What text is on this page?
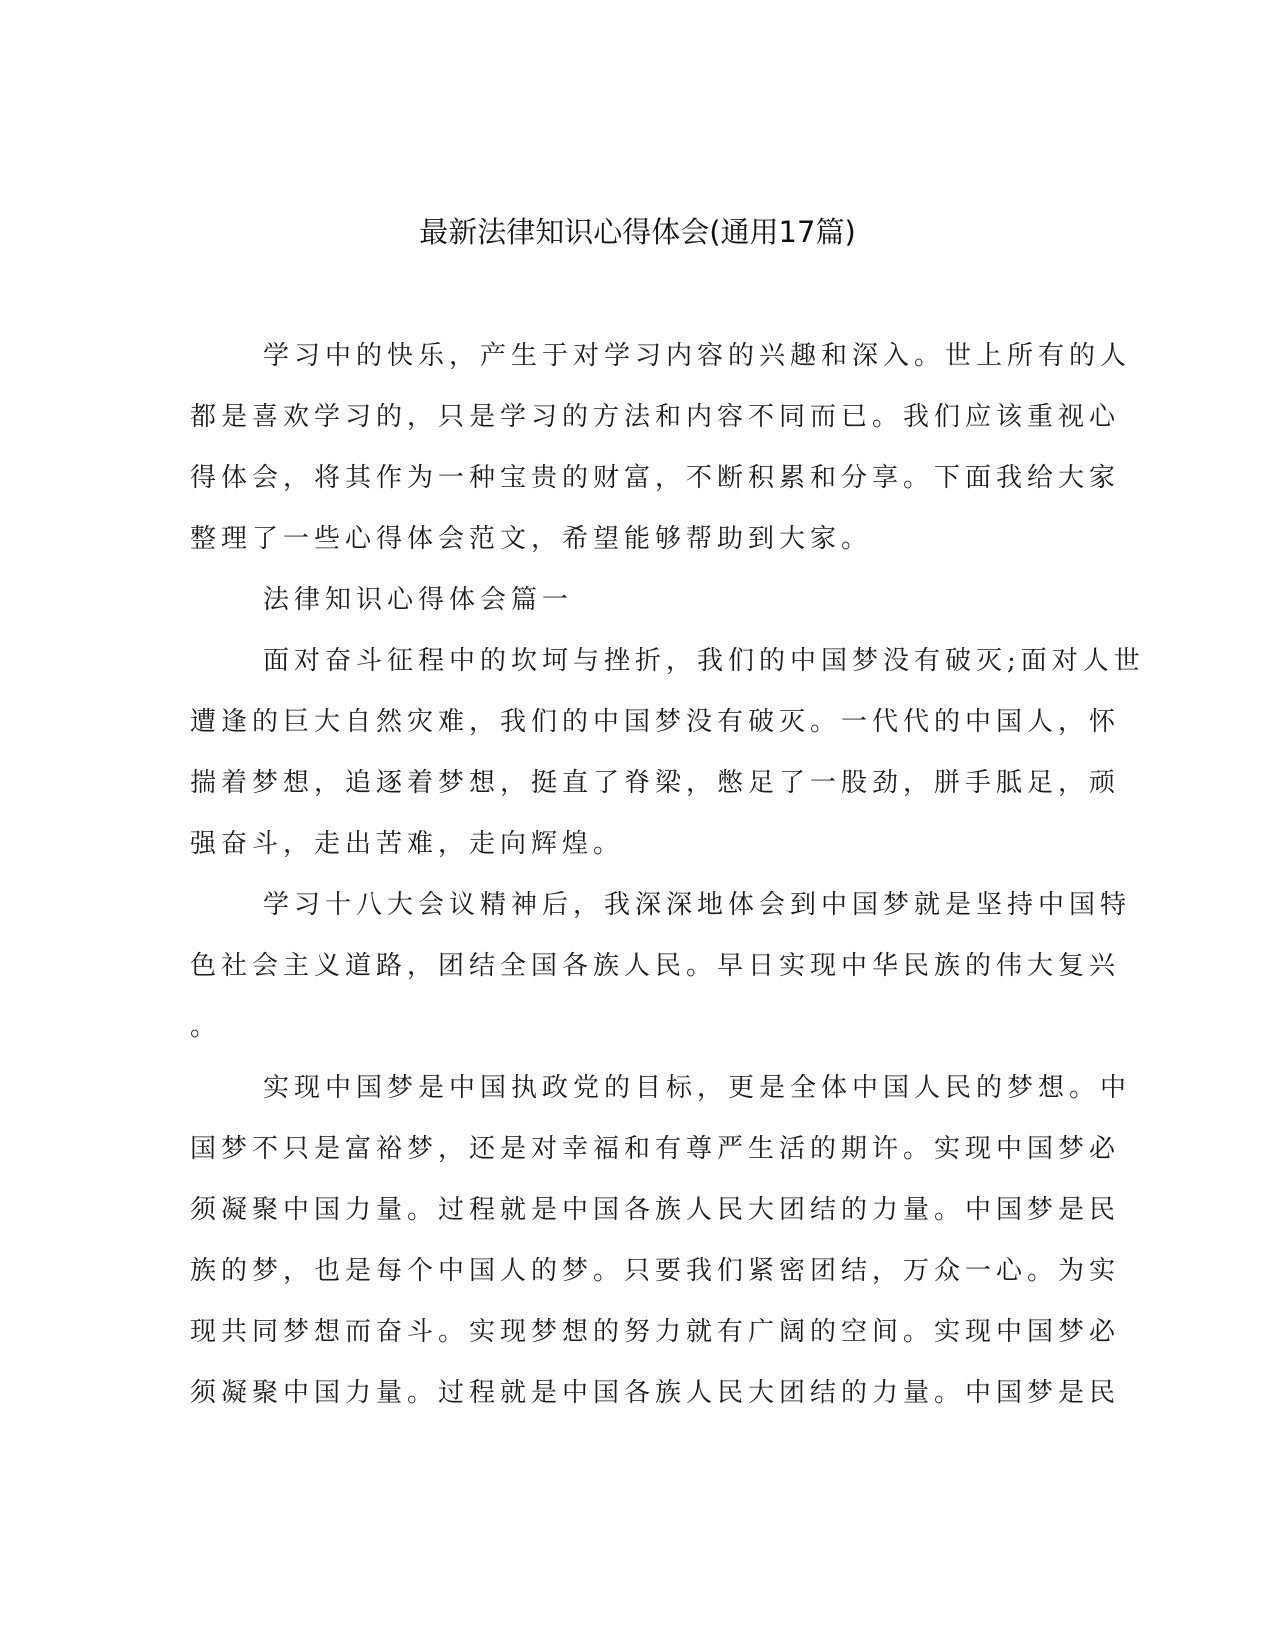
最新法律知识心得体会(通用17篇)

学习中的快乐，产生于对学习内容的兴趣和深入。世上所有的人
都是喜欢学习的，只是学习的方法和内容不同而已。我们应该重视心
得体会，将其作为一种宝贵的财富，不断积累和分享。下面我给大家
整理了一些心得体会范文，希望能够帮助到大家。

法律知识心得体会篇一

面对奋斗征程中的坎坷与挫折，我们的中国梦没有破灭;面对人世
遭逢的巨大自然灾难，我们的中国梦没有破灭。一代代的中国人，怀
揣着梦想，追逐着梦想，挺直了脊梁，憋足了一股劲，胼手胝足，顽
强奋斗，走出苦难，走向辉煌。

学习十八大会议精神后，我深深地体会到中国梦就是坚持中国特
色社会主义道路，团结全国各族人民。早日实现中华民族的伟大复兴
。

实现中国梦是中国执政党的目标，更是全体中国人民的梦想。中
国梦不只是富裕梦，还是对幸福和有尊严生活的期许。实现中国梦必
须凝聚中国力量。过程就是中国各族人民大团结的力量。中国梦是民
族的梦，也是每个中国人的梦。只要我们紧密团结，万众一心。为实
现共同梦想而奋斗。实现梦想的努力就有广阔的空间。实现中国梦必
须凝聚中国力量。过程就是中国各族人民大团结的力量。中国梦是民
